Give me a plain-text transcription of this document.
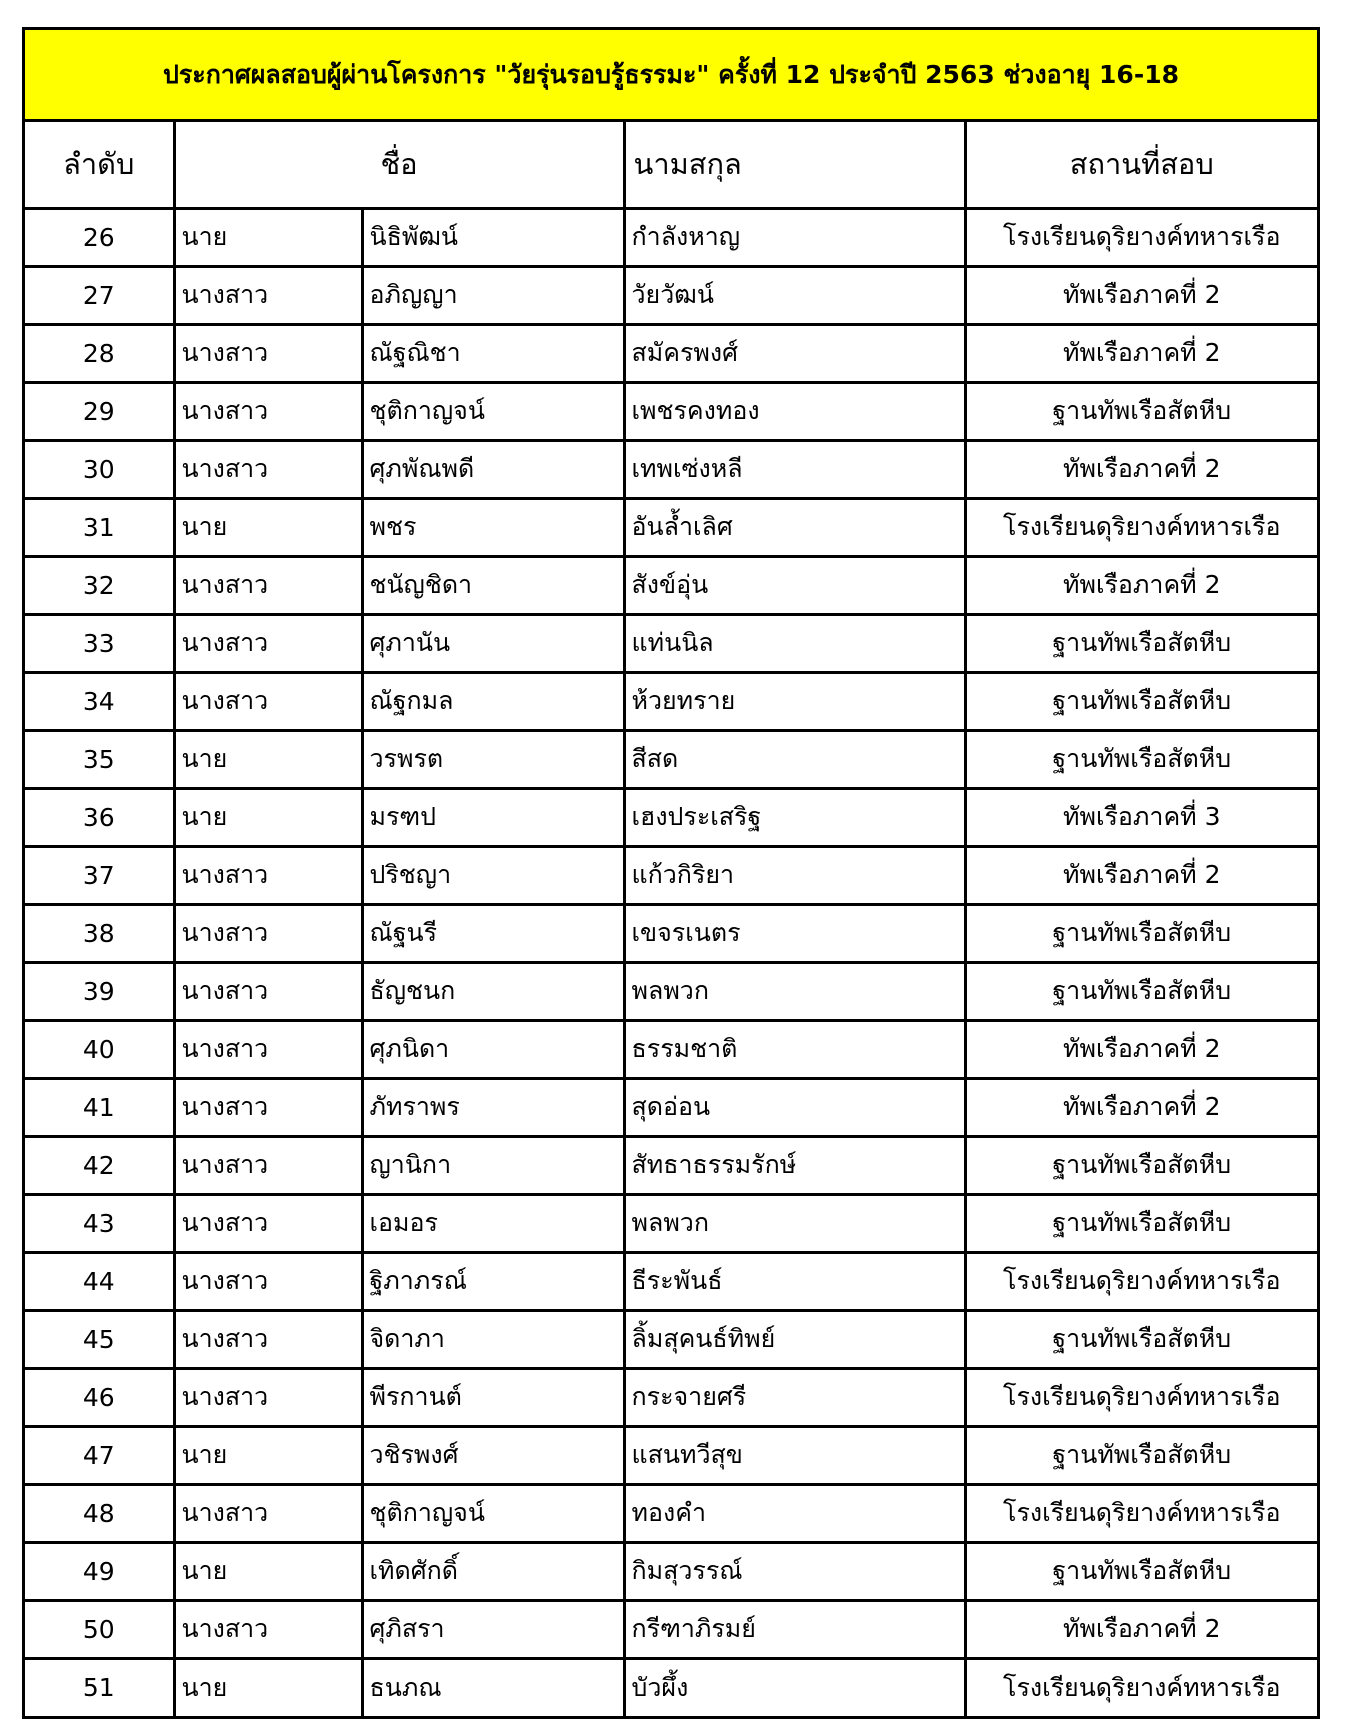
ประกาศผลสอบผู้ผ่านโครงการ "วัยรุ่นรอบรู้ธรรมะ" ครั้งที่ 12 ประจำปี 2563 ช่วงอายุ 16-18
ลำดับ	ชื่อ		นามสกุล	สถานที่สอบ
26	นาย	นิธิพัฒน์	กำลังหาญ	โรงเรียนดุริยางค์ทหารเรือ
27	นางสาว	อภิญญา	วัยวัฒน์	ทัพเรือภาคที่ 2
28	นางสาว	ณัฐณิชา	สมัครพงศ์	ทัพเรือภาคที่ 2
29	นางสาว	ชุติกาญจน์	เพชรคงทอง	ฐานทัพเรือสัตหีบ
30	นางสาว	ศุภพัณพดี	เทพเซ่งหลี	ทัพเรือภาคที่ 2
31	นาย	พชร	อันล้ำเลิศ	โรงเรียนดุริยางค์ทหารเรือ
32	นางสาว	ชนัญชิดา	สังข์อุ่น	ทัพเรือภาคที่ 2
33	นางสาว	ศุภานัน	แท่นนิล	ฐานทัพเรือสัตหีบ
34	นางสาว	ณัฐกมล	ห้วยทราย	ฐานทัพเรือสัตหีบ
35	นาย	วรพรต	สีสด	ฐานทัพเรือสัตหีบ
36	นาย	มรฑป	เฮงประเสริฐ	ทัพเรือภาคที่ 3
37	นางสาว	ปริชญา	แก้วกิริยา	ทัพเรือภาคที่ 2
38	นางสาว	ณัฐนรี	เขจรเนตร	ฐานทัพเรือสัตหีบ
39	นางสาว	ธัญชนก	พลพวก	ฐานทัพเรือสัตหีบ
40	นางสาว	ศุภนิดา	ธรรมชาติ	ทัพเรือภาคที่ 2
41	นางสาว	ภัทราพร	สุดอ่อน	ทัพเรือภาคที่ 2
42	นางสาว	ญานิกา	สัทธาธรรมรักษ์	ฐานทัพเรือสัตหีบ
43	นางสาว	เอมอร	พลพวก	ฐานทัพเรือสัตหีบ
44	นางสาว	ฐิภาภรณ์	ธีระพันธ์	โรงเรียนดุริยางค์ทหารเรือ
45	นางสาว	จิดาภา	ลิ้มสุคนธ์ทิพย์	ฐานทัพเรือสัตหีบ
46	นางสาว	พีรกานต์	กระจายศรี	โรงเรียนดุริยางค์ทหารเรือ
47	นาย	วชิรพงศ์	แสนทวีสุข	ฐานทัพเรือสัตหีบ
48	นางสาว	ชุติกาญจน์	ทองคำ	โรงเรียนดุริยางค์ทหารเรือ
49	นาย	เทิดศักดิ์	กิมสุวรรณ์	ฐานทัพเรือสัตหีบ
50	นางสาว	ศุภิสรา	กรีฑาภิรมย์	ทัพเรือภาคที่ 2
51	นาย	ธนภณ	บัวผึ้ง	โรงเรียนดุริยางค์ทหารเรือ
